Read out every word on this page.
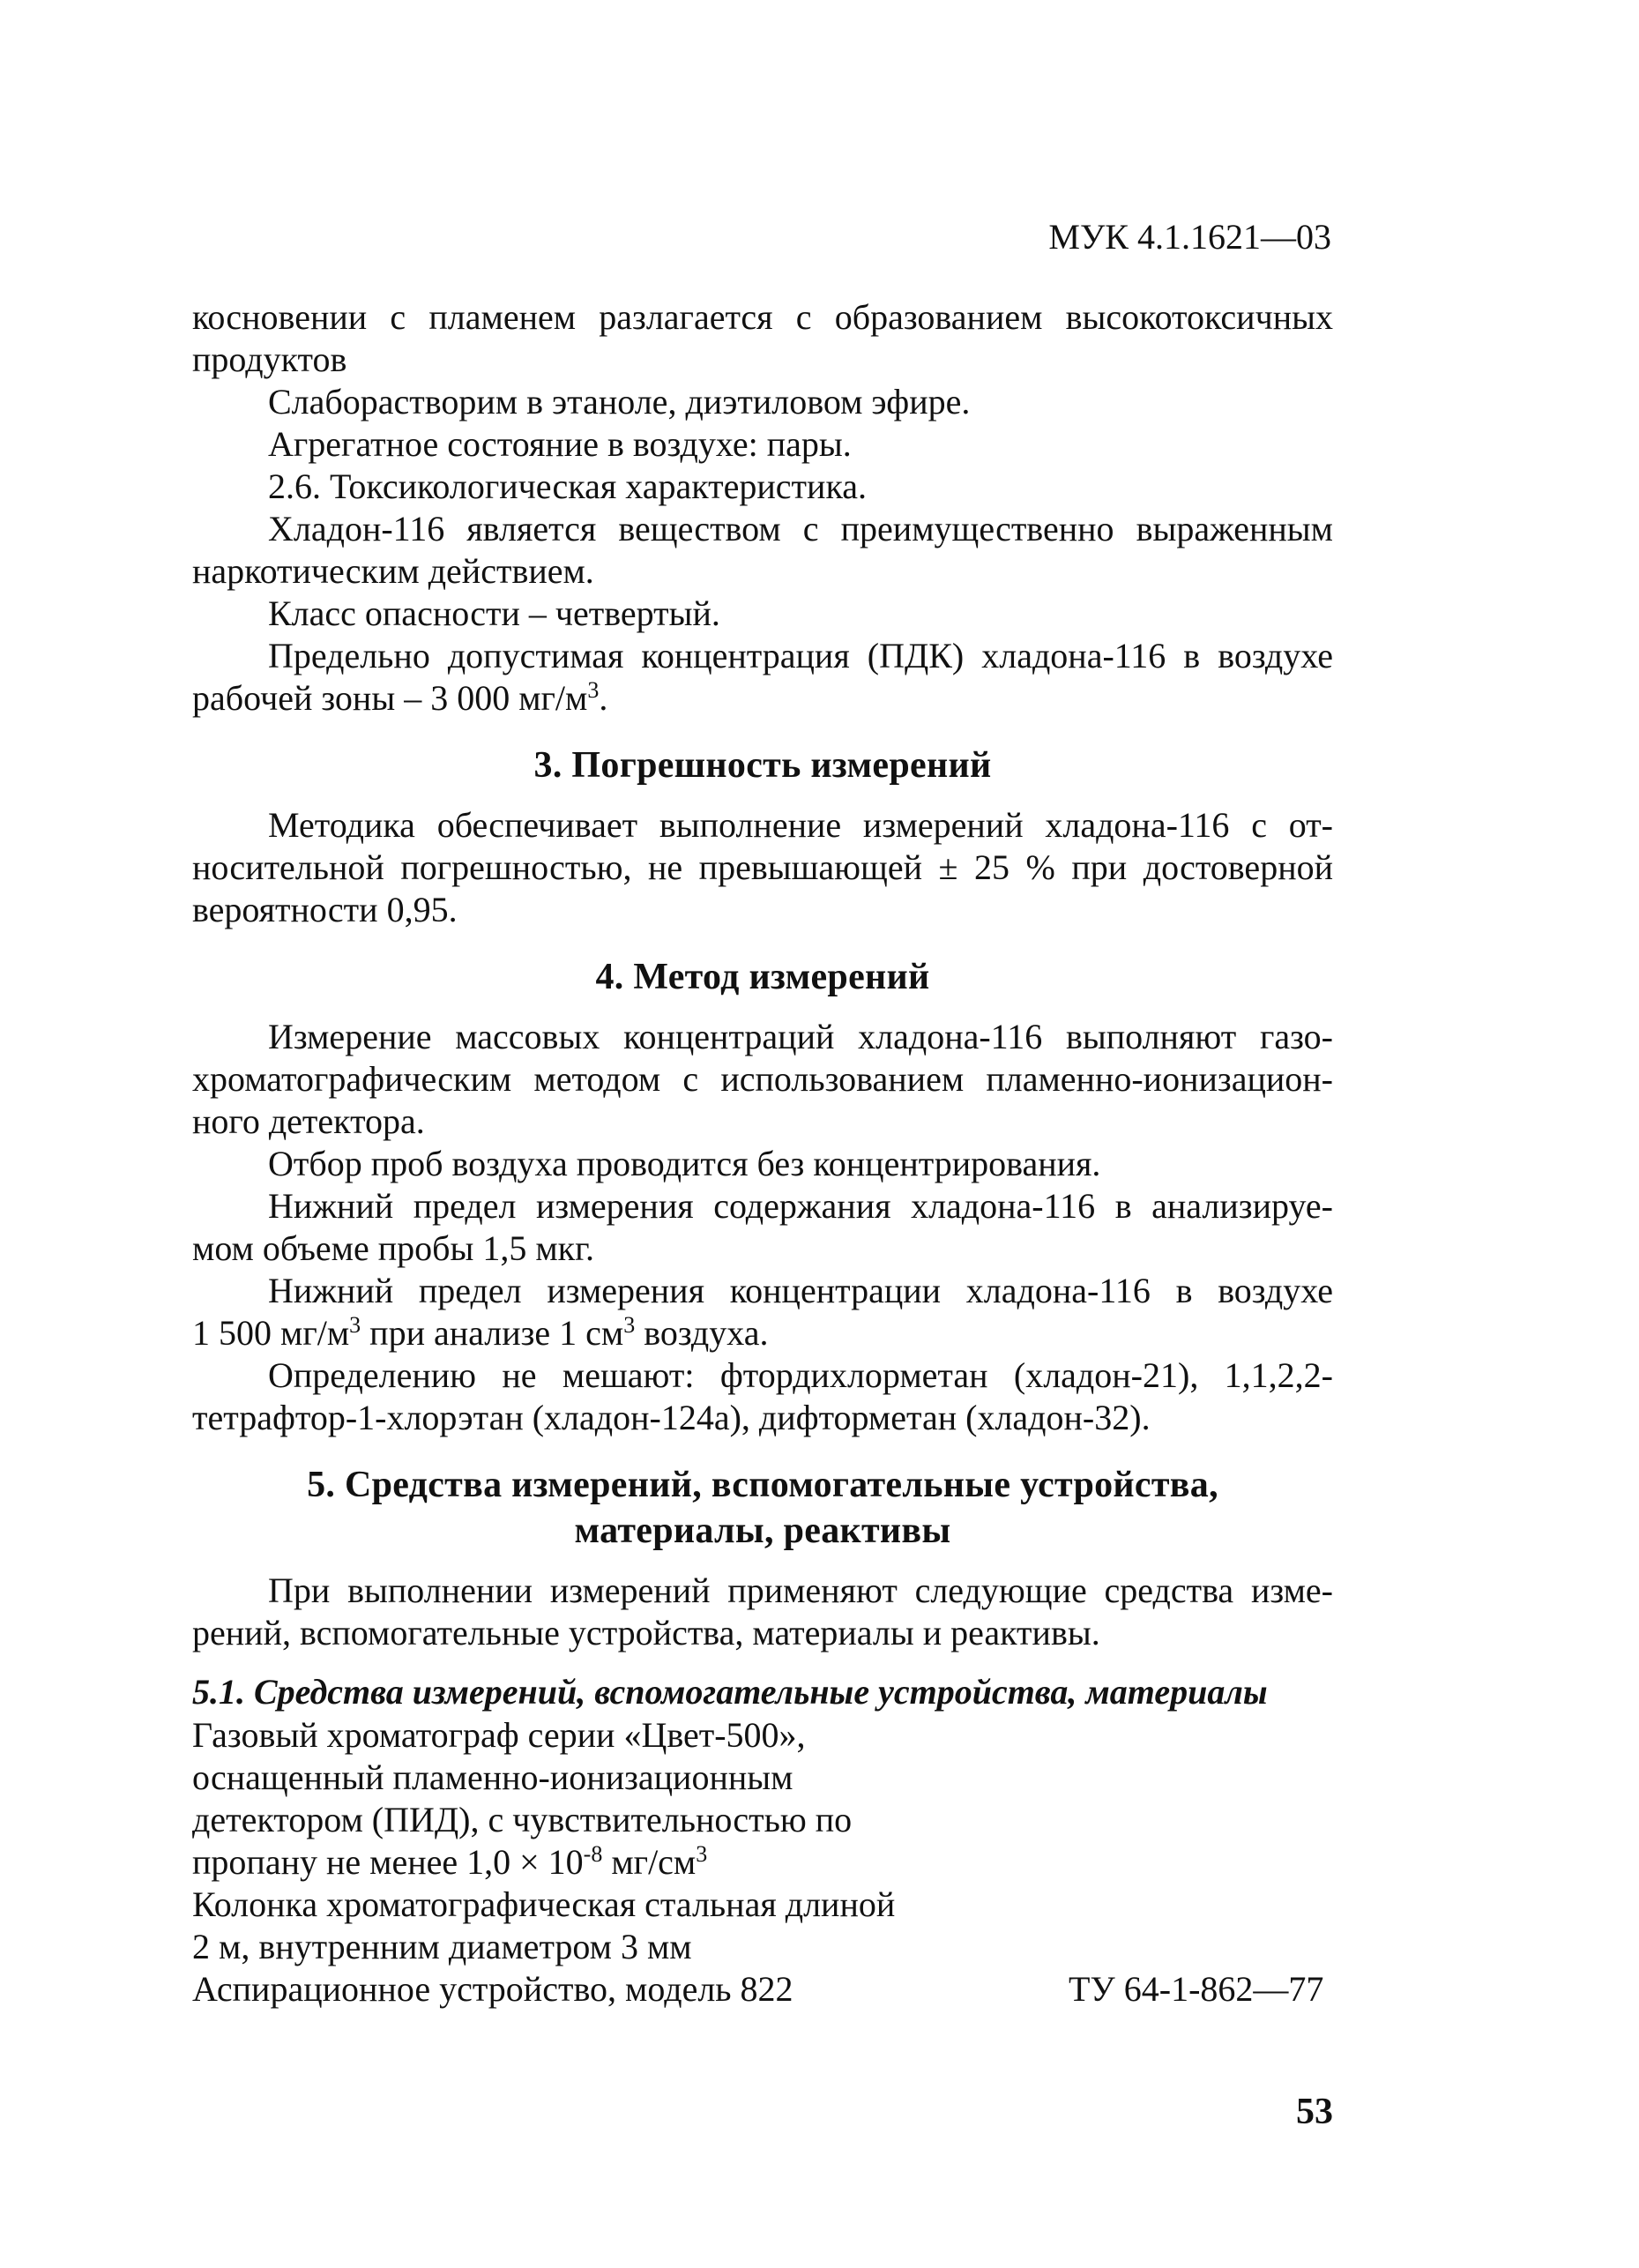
МУК 4.1.1621—03

косновении с пламенем разлагается с образованием высокотоксичных

продуктов

Слаборастворим в этаноле, диэтиловом эфире.

Агрегатное состояние в воздухе: пары.

2.6. Токсикологическая характеристика.

Хладон-116 является веществом с преимущественно выраженным

наркотическим действием.

Класс опасности – четвертый.

Предельно допустимая концентрация (ПДК) хладона-116 в воздухе

рабочей зоны – 3 000 $мг/м^3$.

3. Погрешность измерений

Методика обеспечивает выполнение измерений хладона-116 с от-

носительной погрешностью, не превышающей ± 25 % при достоверной

вероятности 0,95.

4. Метод измерений

Измерение массовых концентраций хладона-116 выполняют газо-

хроматографическим методом с использованием пламенно-ионизацион-

ного детектора.

Отбор проб воздуха проводится без концентрирования.

Нижний предел измерения содержания хладона-116 в анализируе-

мом объеме пробы 1,5 мкг.

Нижний предел измерения концентрации хладона-116 в воздухе

1 500 $мг/м^3$ при анализе 1 $см^3$ воздуха.

Определению не мешают: фтордихлорметан (хладон-21), 1,1,2,2-

тетрафтор-1-хлорэтан (хладон-124а), дифторметан (хладон-32).

5. Средства измерений, вспомогательные устройства,
материалы, реактивы

При выполнении измерений применяют следующие средства изме-

рений, вспомогательные устройства, материалы и реактивы.

5.1. Средства измерений, вспомогательные устройства, материалы

Газовый хроматограф серии «Цвет-500»,

оснащенный пламенно-ионизационным

детектором (ПИД), с чувствительностью по

пропану не менее $1,0 \times 10^{-8}$ $мг/см^3$

Колонка хроматографическая стальная длиной

2 м, внутренним диаметром 3 мм

Аспирационное устройство, модель 822	ТУ 64-1-862—77
53
